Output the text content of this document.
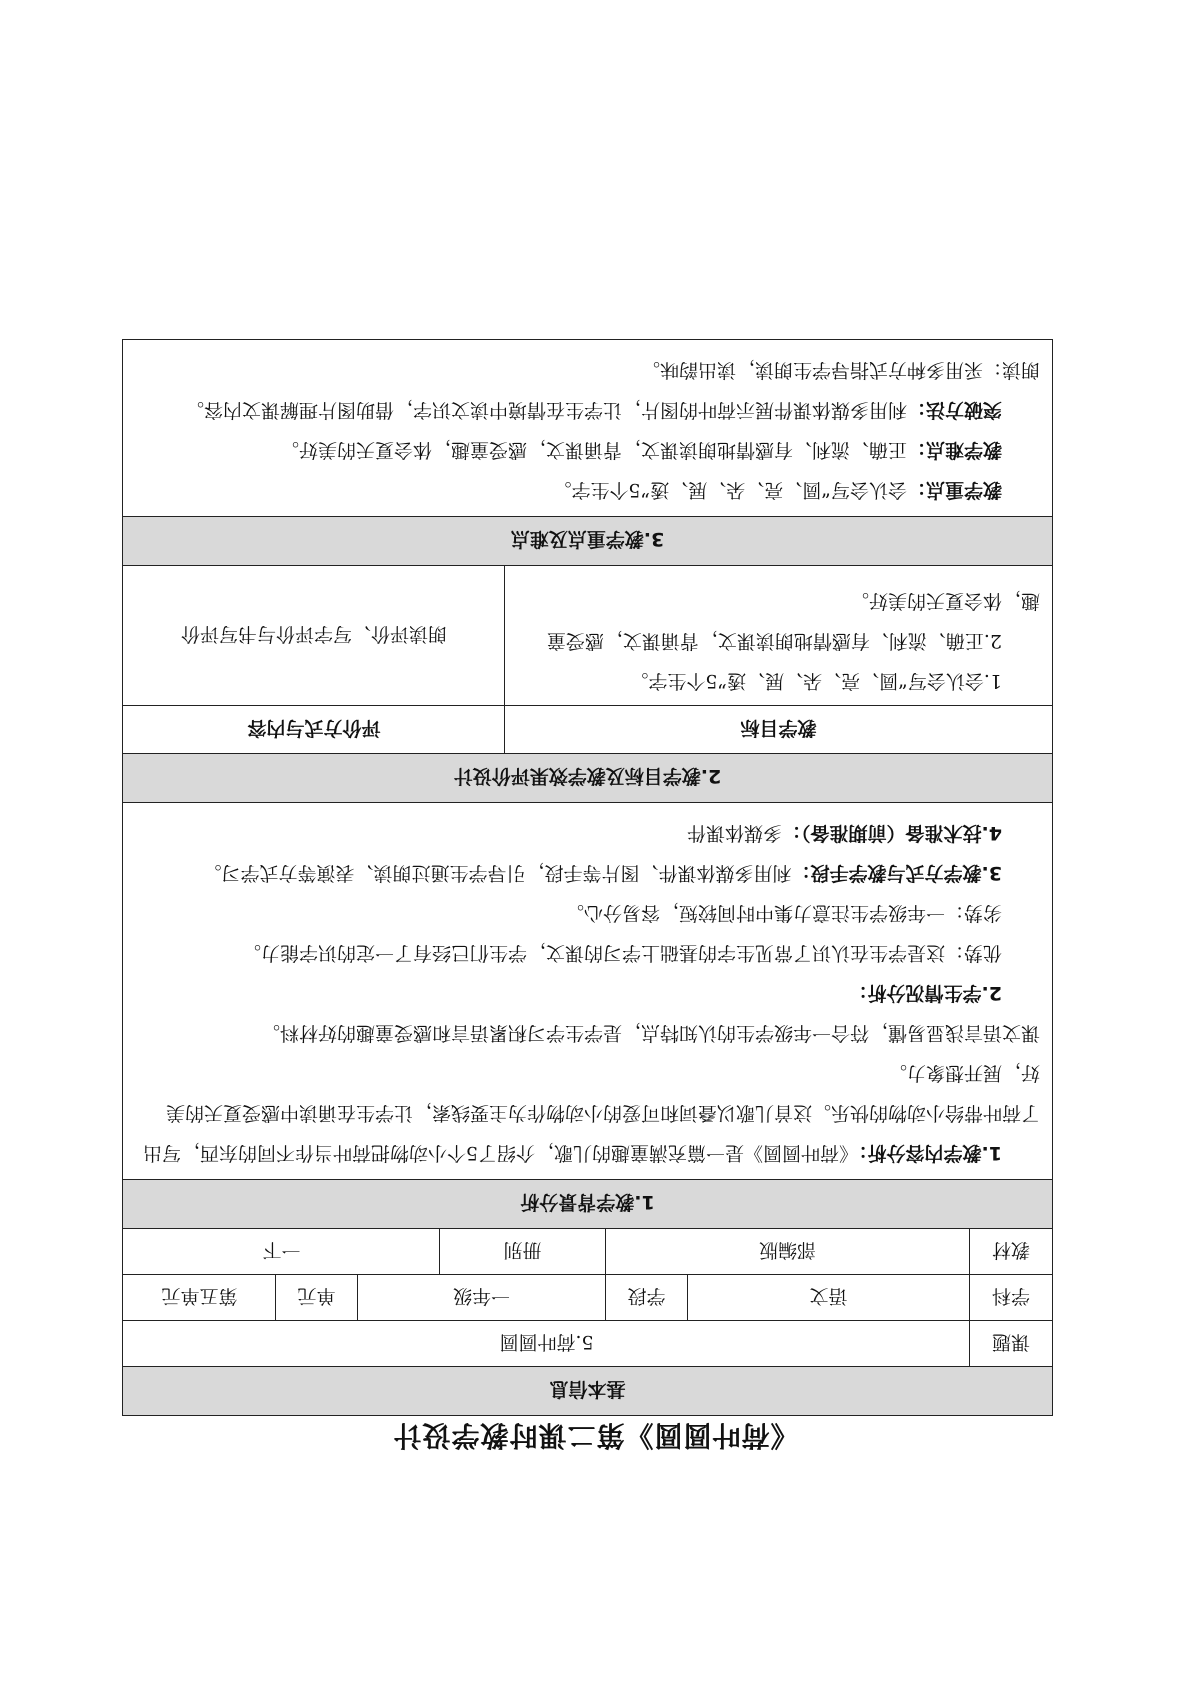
《荷叶圆圆》第二课时教学设计
基本信息
课题
5.荷叶圆圆
学科
语文
学段
一年级
单元
第五单元
教材
部编版
册别
一下
1.教学背景分析

1.教学内容分析：《荷叶圆圆》是一篇充满童趣的儿歌，介绍了5个小动物把荷叶当作不同的东西，写出了荷叶带给小动物的快乐。这首儿歌以叠词和可爱的小动物作为主要线索，让学生在诵读中感受夏天的美好，展开想象力。

课文语言浅显易懂，符合一年级学生的认知特点，是学生学习积累语言和感受童趣的好材料。

2.学生情况分析：

优势：这是学生在认识了常见生字的基础上学习的课文，学生们已经有了一定的识字能力。

劣势：一年级学生注意力集中时间较短，容易分心。

3.教学方式与教学手段：利用多媒体课件、图片等手段，引导学生通过朗读、表演等方式学习。

4.技术准备（前期准备）：多媒体课件

2.教学目标及教学效果评价设计
教学目标
评价方式与内容
1.会认会写“圆、亮、朵、展、透”5个生字。
2.正确、流利、有感情地朗读课文，背诵课文，感受童趣，体会夏天的美好。
朗读评价、写字评价与书写评价
3.教学重点及难点

教学重点：会认会写“圆、亮、朵、展、透”5个生字。

教学难点：正确、流利、有感情地朗读课文，背诵课文，感受童趣，体会夏天的美好。

突破方法：利用多媒体课件展示荷叶的图片，让学生在情境中读文识字，借助图片理解课文内容。

朗读：采用多种方式指导学生朗读，读出韵味。
